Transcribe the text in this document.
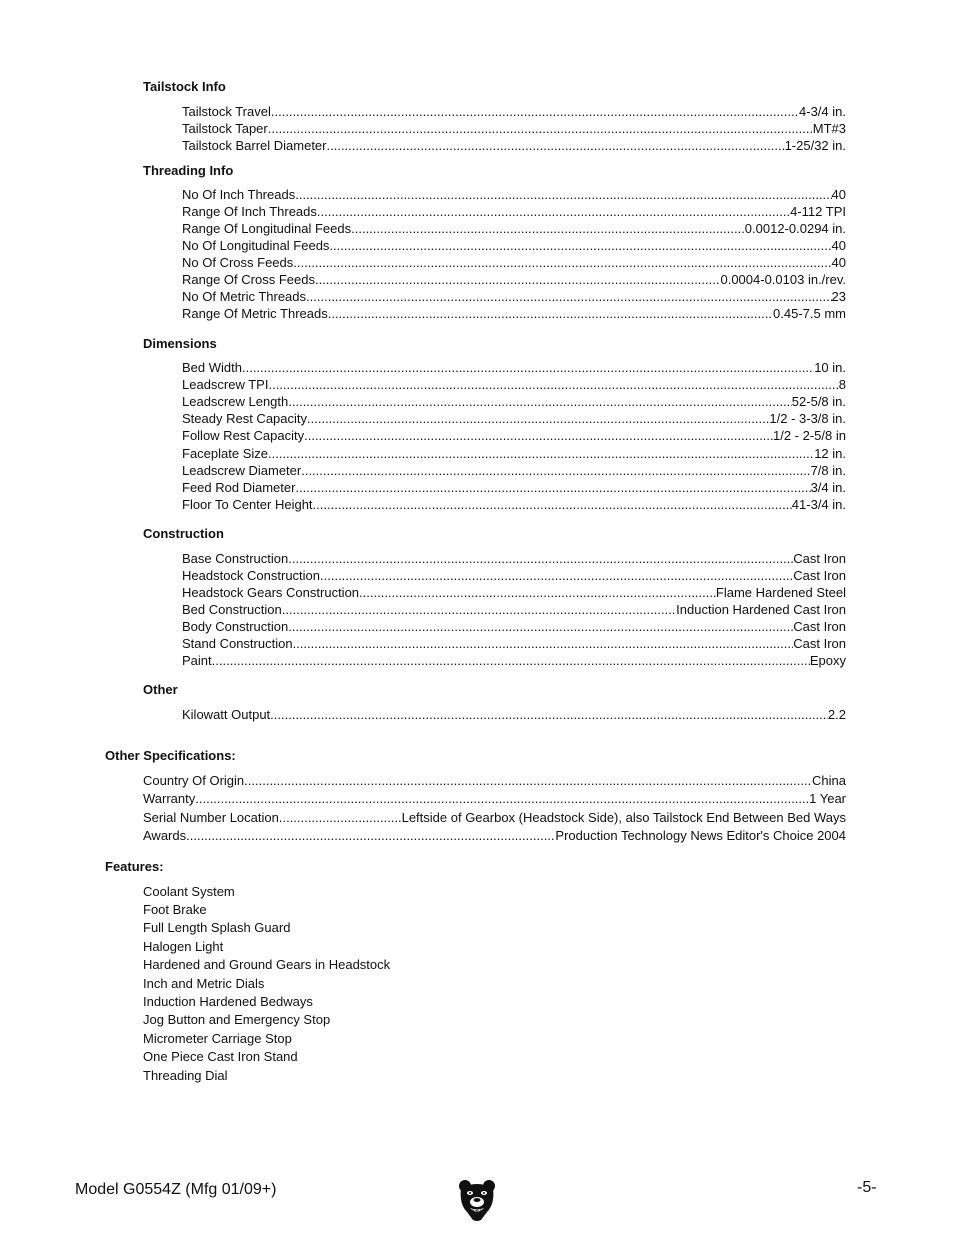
Tailstock Info
Tailstock Travel .....	4-3/4 in.
Tailstock Taper .....	MT#3
Tailstock Barrel Diameter .....	1-25/32 in.
Threading Info
No Of Inch Threads .....	40
Range Of Inch Threads .....	4-112 TPI
Range Of Longitudinal Feeds .....	0.0012-0.0294 in.
No Of Longitudinal Feeds .....	40
No Of Cross Feeds .....	40
Range Of Cross Feeds .....	0.0004-0.0103 in./rev.
No Of Metric Threads .....	23
Range Of Metric Threads .....	0.45-7.5 mm
Dimensions
Bed Width .....	10 in.
Leadscrew TPI .....	8
Leadscrew Length .....	52-5/8 in.
Steady Rest Capacity .....	1/2 - 3-3/8 in.
Follow Rest Capacity .....	1/2 - 2-5/8 in
Faceplate Size .....	12 in.
Leadscrew Diameter .....	7/8 in.
Feed Rod Diameter .....	3/4 in.
Floor To Center Height .....	41-3/4 in.
Construction
Base Construction .....	Cast Iron
Headstock Construction .....	Cast Iron
Headstock Gears Construction .....	Flame Hardened Steel
Bed Construction .....	Induction Hardened Cast Iron
Body Construction .....	Cast Iron
Stand Construction .....	Cast Iron
Paint .....	Epoxy
Other
Kilowatt Output .....	2.2
Other Specifications:
Country Of Origin .....	China
Warranty .....	1 Year
Serial Number Location .....	Leftside of Gearbox (Headstock Side), also Tailstock End Between Bed Ways
Awards .....	Production Technology News Editor's Choice 2004
Features:
Coolant System
Foot Brake
Full Length Splash Guard
Halogen Light
Hardened and Ground Gears in Headstock
Inch and Metric Dials
Induction Hardened Bedways
Jog Button and Emergency Stop
Micrometer Carriage Stop
One Piece Cast Iron Stand
Threading Dial
Model G0554Z (Mfg 01/09+)	-5-
